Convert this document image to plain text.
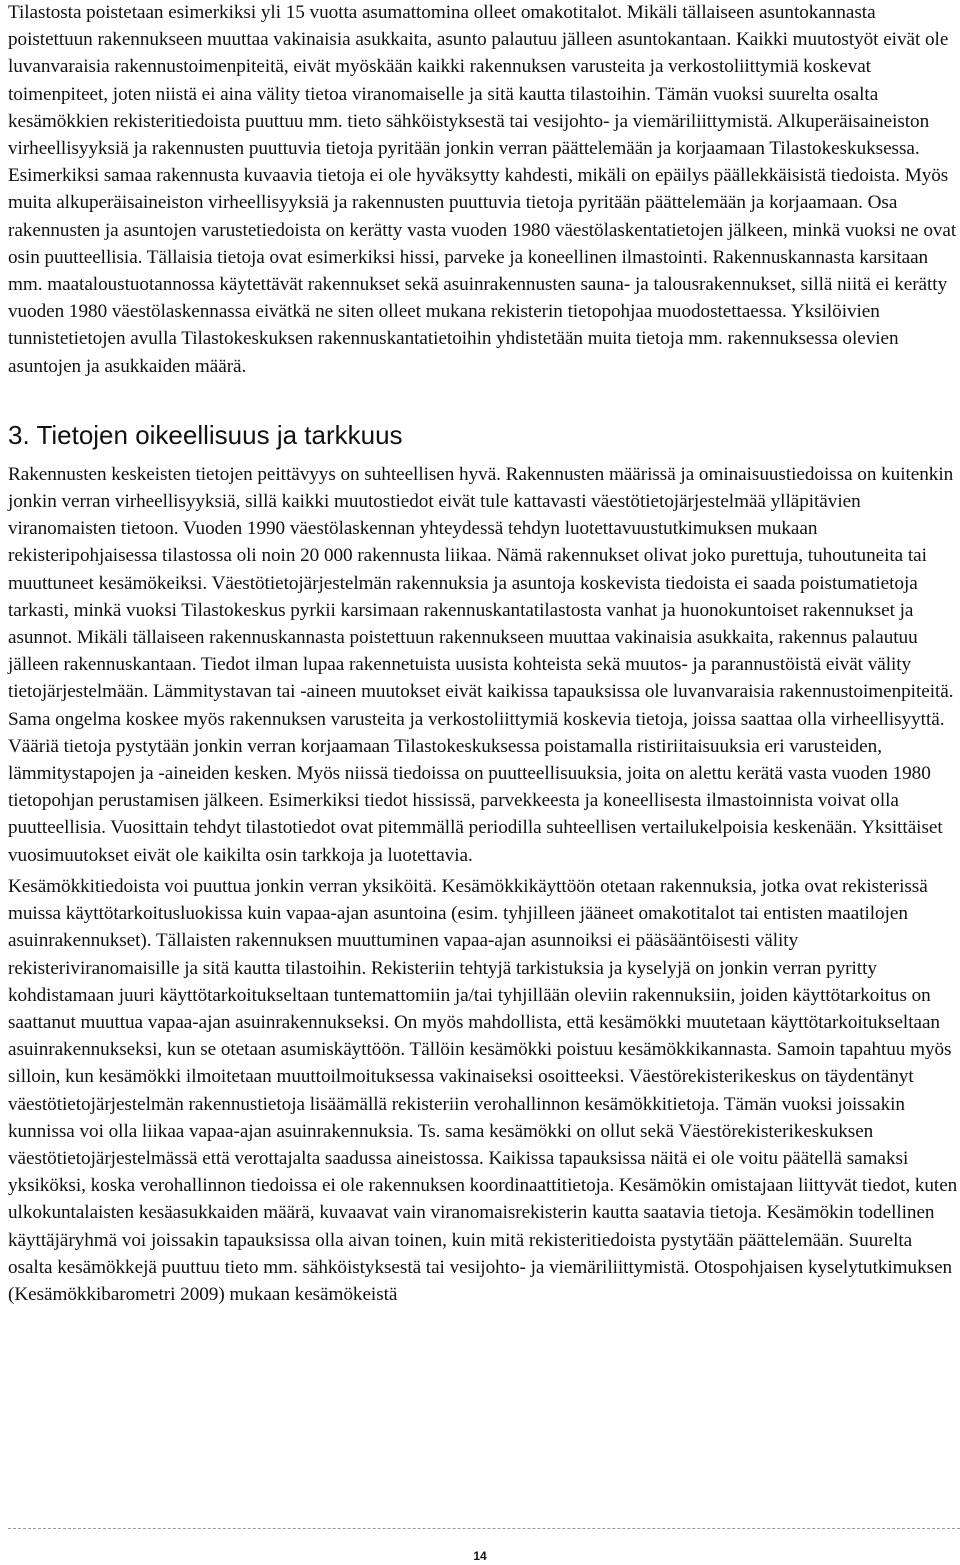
Tilastosta poistetaan esimerkiksi yli 15 vuotta asumattomina olleet omakotitalot. Mikäli tällaiseen asuntokannasta poistettuun rakennukseen muuttaa vakinaisia asukkaita, asunto palautuu jälleen asuntokantaan. Kaikki muutostyöt eivät ole luvanvaraisia rakennustoimenpiteitä, eivät myöskään kaikki rakennuksen varusteita ja verkostoliittymiä koskevat toimenpiteet, joten niistä ei aina välity tietoa viranomaiselle ja sitä kautta tilastoihin. Tämän vuoksi suurelta osalta kesämökkien rekisteritiedoista puuttuu mm. tieto sähköistyksestä tai vesijohto- ja viemäriliittymistä. Alkuperäisaineiston virheellisyyksiä ja rakennusten puuttuvia tietoja pyritään jonkin verran päättelemään ja korjaamaan Tilastokeskuksessa. Esimerkiksi samaa rakennusta kuvaavia tietoja ei ole hyväksytty kahdesti, mikäli on epäilys päällekkäisistä tiedoista. Myös muita alkuperäisaineiston virheellisyyksiä ja rakennusten puuttuvia tietoja pyritään päättelemään ja korjaamaan. Osa rakennusten ja asuntojen varustetiedoista on kerätty vasta vuoden 1980 väestölaskentatietojen jälkeen, minkä vuoksi ne ovat osin puutteellisia. Tällaisia tietoja ovat esimerkiksi hissi, parveke ja koneellinen ilmastointi. Rakennuskannasta karsitaan mm. maataloustuotannossa käytettävät rakennukset sekä asuinrakennusten sauna- ja talousrakennukset, sillä niitä ei kerätty vuoden 1980 väestölaskennassa eivätkä ne siten olleet mukana rekisterin tietopohjaa muodostettaessa. Yksilöivien tunnistetietojen avulla Tilastokeskuksen rakennuskantatietoihin yhdistetään muita tietoja mm. rakennuksessa olevien asuntojen ja asukkaiden määrä.

3. Tietojen oikeellisuus ja tarkkuus

Rakennusten keskeisten tietojen peittävyys on suhteellisen hyvä. Rakennusten määrissä ja ominaisuustiedoissa on kuitenkin jonkin verran virheellisyyksiä, sillä kaikki muutostiedot eivät tule kattavasti väestötietojärjestelmää ylläpitävien viranomaisten tietoon. Vuoden 1990 väestölaskennan yhteydessä tehdyn luotettavuustutkimuksen mukaan rekisteripohjaisessa tilastossa oli noin 20 000 rakennusta liikaa. Nämä rakennukset olivat joko purettuja, tuhoutuneita tai muuttuneet kesämökeiksi. Väestötietojärjestelmän rakennuksia ja asuntoja koskevista tiedoista ei saada poistumatietoja tarkasti, minkä vuoksi Tilastokeskus pyrkii karsimaan rakennuskantatilastosta vanhat ja huonokuntoiset rakennukset ja asunnot. Mikäli tällaiseen rakennuskannasta poistettuun rakennukseen muuttaa vakinaisia asukkaita, rakennus palautuu jälleen rakennuskantaan. Tiedot ilman lupaa rakennetuista uusista kohteista sekä muutos- ja parannustöistä eivät välity tietojärjestelmään. Lämmitystavan tai -aineen muutokset eivät kaikissa tapauksissa ole luvanvaraisia rakennustoimenpiteitä. Sama ongelma koskee myös rakennuksen varusteita ja verkostoliittymiä koskevia tietoja, joissa saattaa olla virheellisyyttä. Vääriä tietoja pystytään jonkin verran korjaamaan Tilastokeskuksessa poistamalla ristiriitaisuuksia eri varusteiden, lämmitystapojen ja -aineiden kesken. Myös niissä tiedoissa on puutteellisuuksia, joita on alettu kerätä vasta vuoden 1980 tietopohjan perustamisen jälkeen. Esimerkiksi tiedot hississä, parvekkeesta ja koneellisesta ilmastoinnista voivat olla puutteellisia. Vuosittain tehdyt tilastotiedot ovat pitemmällä periodilla suhteellisen vertailukelpoisia keskenään. Yksittäiset vuosimuutokset eivät ole kaikilta osin tarkkoja ja luotettavia.

Kesämökkitiedoista voi puuttua jonkin verran yksiköitä. Kesämökkikäyttöön otetaan rakennuksia, jotka ovat rekisterissä muissa käyttötarkoitusluokissa kuin vapaa-ajan asuntoina (esim. tyhjilleen jääneet omakotitalot tai entisten maatilojen asuinrakennukset). Tällaisten rakennuksen muuttuminen vapaa-ajan asunnoiksi ei pääsääntöisesti välity rekisteriviranomaisille ja sitä kautta tilastoihin. Rekisteriin tehtyjä tarkistuksia ja kyselyjä on jonkin verran pyritty kohdistamaan juuri käyttötarkoitukseltaan tuntemattomiin ja/tai tyhjillään oleviin rakennuksiin, joiden käyttötarkoitus on saattanut muuttua vapaa-ajan asuinrakennukseksi. On myös mahdollista, että kesämökki muutetaan käyttötarkoitukseltaan asuinrakennukseksi, kun se otetaan asumiskäyttöön. Tällöin kesämökki poistuu kesämökkikannasta. Samoin tapahtuu myös silloin, kun kesämökki ilmoitetaan muuttoilmoituksessa vakinaiseksi osoitteeksi. Väestörekisterikeskus on täydentänyt väestötietojärjestelmän rakennustietoja lisäämällä rekisteriin verohallinnon kesämökkitietoja. Tämän vuoksi joissakin kunnissa voi olla liikaa vapaa-ajan asuinrakennuksia. Ts. sama kesämökki on ollut sekä Väestörekisterikeskuksen väestötietojärjestelmässä että verottajalta saadussa aineistossa. Kaikissa tapauksissa näitä ei ole voitu päätellä samaksi yksiköksi, koska verohallinnon tiedoissa ei ole rakennuksen koordinaattitietoja. Kesämökin omistajaan liittyvät tiedot, kuten ulkokuntalaisten kesäasukkaiden määrä, kuvaavat vain viranomaisrekisterin kautta saatavia tietoja. Kesämökin todellinen käyttäjäryhmä voi joissakin tapauksissa olla aivan toinen, kuin mitä rekisteritiedoista pystytään päättelemään. Suurelta osalta kesämökkejä puuttuu tieto mm. sähköistyksestä tai vesijohto- ja viemäriliittymistä. Otospohjaisen kyselytutkimuksen (Kesämökkibarometri 2009) mukaan kesämökeistä

14
